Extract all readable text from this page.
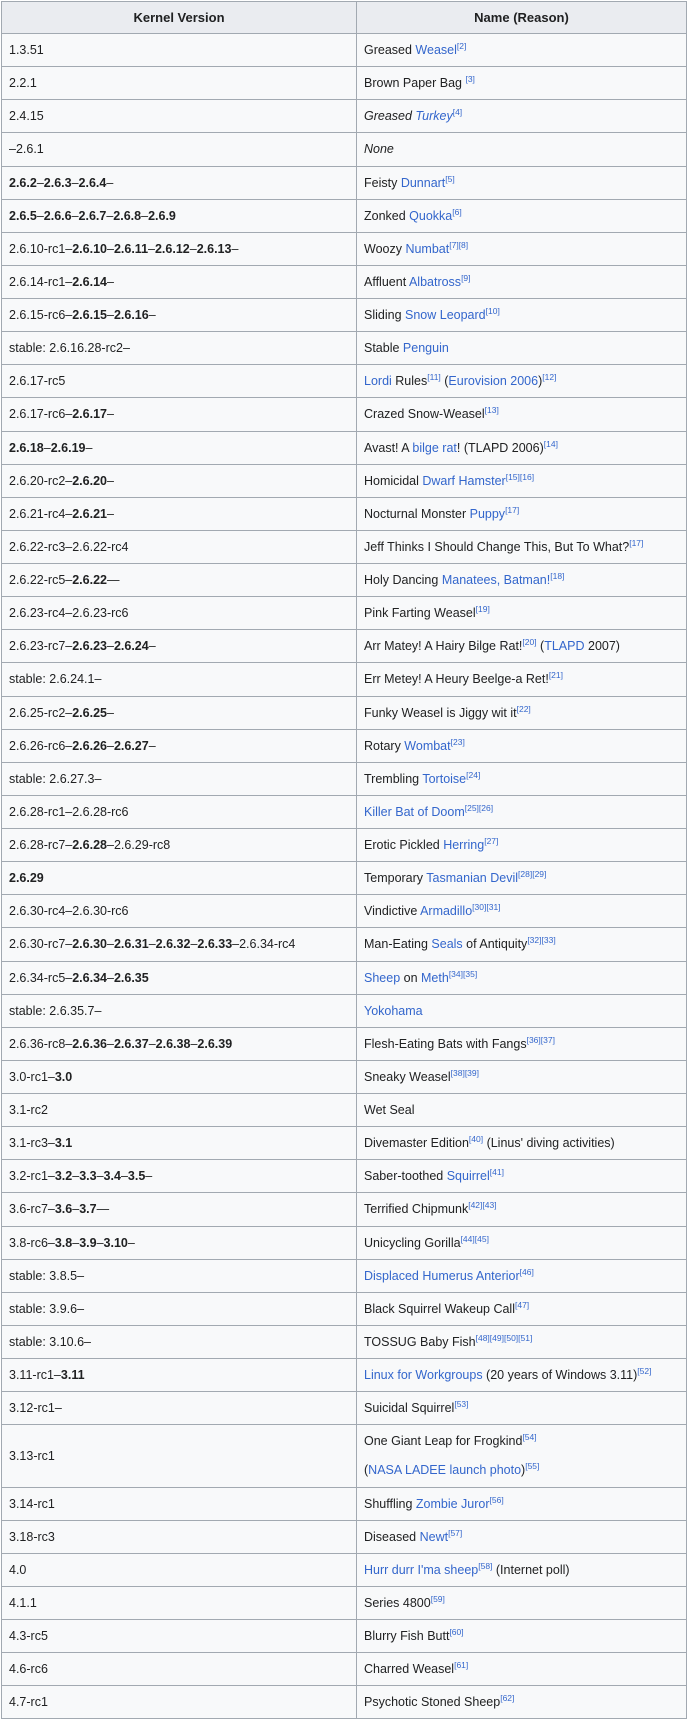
Kernel Version	Name (Reason)
1.3.51	Greased Weasel[2]
2.2.1	Brown Paper Bag [3]
2.4.15	Greased Turkey[4]
–2.6.1	None
2.6.2–2.6.3–2.6.4–	Feisty Dunnart[5]
2.6.5–2.6.6–2.6.7–2.6.8–2.6.9	Zonked Quokka[6]
2.6.10-rc1–2.6.10–2.6.11–2.6.12–2.6.13–	Woozy Numbat[7][8]
2.6.14-rc1–2.6.14–	Affluent Albatross[9]
2.6.15-rc6–2.6.15–2.6.16–	Sliding Snow Leopard[10]
stable: 2.6.16.28-rc2–	Stable Penguin
2.6.17-rc5	Lordi Rules[11] (Eurovision 2006)[12]
2.6.17-rc6–2.6.17–	Crazed Snow-Weasel[13]
2.6.18–2.6.19–	Avast! A bilge rat! (TLAPD 2006)[14]
2.6.20-rc2–2.6.20–	Homicidal Dwarf Hamster[15][16]
2.6.21-rc4–2.6.21–	Nocturnal Monster Puppy[17]
2.6.22-rc3–2.6.22-rc4	Jeff Thinks I Should Change This, But To What?[17]
2.6.22-rc5–2.6.22—	Holy Dancing Manatees, Batman![18]
2.6.23-rc4–2.6.23-rc6	Pink Farting Weasel[19]
2.6.23-rc7–2.6.23–2.6.24–	Arr Matey! A Hairy Bilge Rat![20] (TLAPD 2007)
stable: 2.6.24.1–	Err Metey! A Heury Beelge-a Ret![21]
2.6.25-rc2–2.6.25–	Funky Weasel is Jiggy wit it[22]
2.6.26-rc6–2.6.26–2.6.27–	Rotary Wombat[23]
stable: 2.6.27.3–	Trembling Tortoise[24]
2.6.28-rc1–2.6.28-rc6	Killer Bat of Doom[25][26]
2.6.28-rc7–2.6.28–2.6.29-rc8	Erotic Pickled Herring[27]
2.6.29	Temporary Tasmanian Devil[28][29]
2.6.30-rc4–2.6.30-rc6	Vindictive Armadillo[30][31]
2.6.30-rc7–2.6.30–2.6.31–2.6.32–2.6.33–2.6.34-rc4	Man-Eating Seals of Antiquity[32][33]
2.6.34-rc5–2.6.34–2.6.35	Sheep on Meth[34][35]
stable: 2.6.35.7–	Yokohama
2.6.36-rc8–2.6.36–2.6.37–2.6.38–2.6.39	Flesh-Eating Bats with Fangs[36][37]
3.0-rc1–3.0	Sneaky Weasel[38][39]
3.1-rc2	Wet Seal
3.1-rc3–3.1	Divemaster Edition[40] (Linus' diving activities)
3.2-rc1–3.2–3.3–3.4–3.5–	Saber-toothed Squirrel[41]
3.6-rc7–3.6–3.7—	Terrified Chipmunk[42][43]
3.8-rc6–3.8–3.9–3.10–	Unicycling Gorilla[44][45]
stable: 3.8.5–	Displaced Humerus Anterior[46]
stable: 3.9.6–	Black Squirrel Wakeup Call[47]
stable: 3.10.6–	TOSSUG Baby Fish[48][49][50][51]
3.11-rc1–3.11	Linux for Workgroups (20 years of Windows 3.11)[52]
3.12-rc1–	Suicidal Squirrel[53]
3.13-rc1	One Giant Leap for Frogkind[54]
(NASA LADEE launch photo)[55]

3.14-rc1	Shuffling Zombie Juror[56]
3.18-rc3	Diseased Newt[57]
4.0	Hurr durr I'ma sheep[58] (Internet poll)
4.1.1	Series 4800[59]
4.3-rc5	Blurry Fish Butt[60]
4.6-rc6	Charred Weasel[61]
4.7-rc1	Psychotic Stoned Sheep[62]
